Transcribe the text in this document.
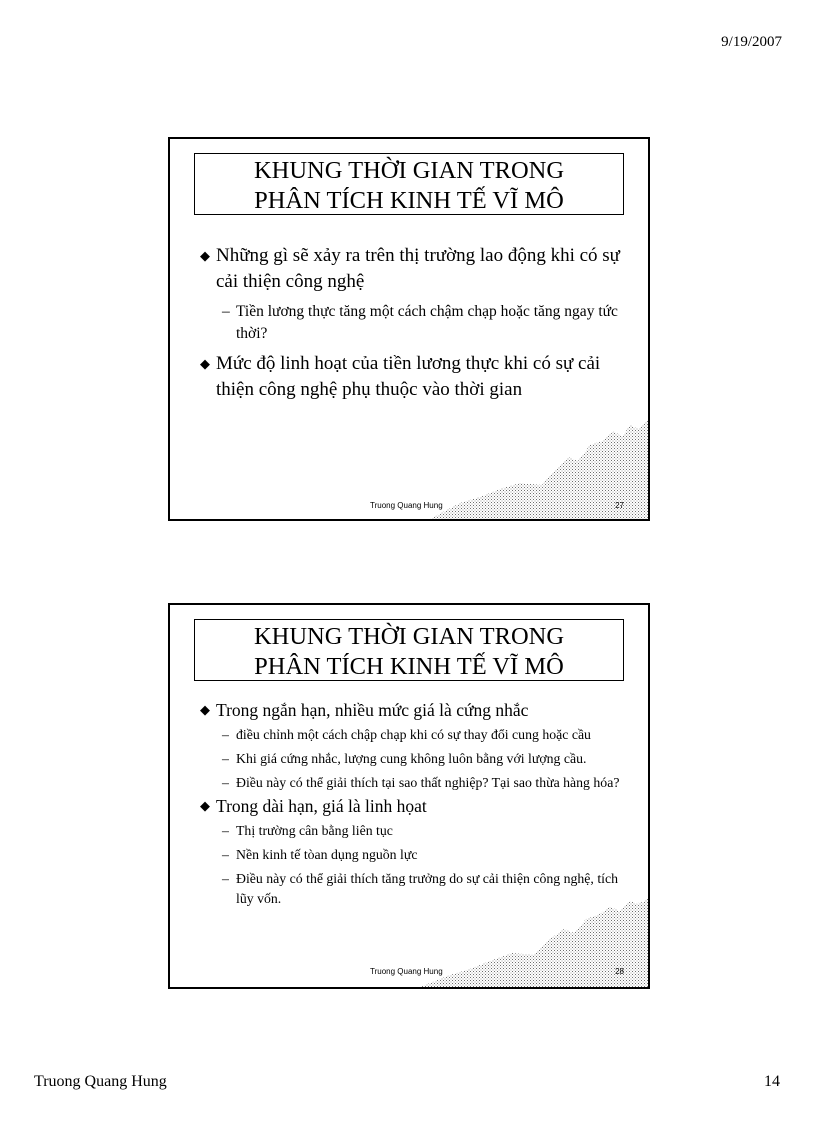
9/19/2007
KHUNG THỜI GIAN TRONG
PHÂN TÍCH KINH TẾ VĨ MÔ
◆ Những gì sẽ xảy ra trên thị trường lao động khi có sự cải thiện công nghệ
– Tiền lương thực tăng một cách chậm chạp hoặc tăng ngay tức thời?
◆ Mức độ linh hoạt của tiền lương thực khi có sự cải thiện công nghệ phụ thuộc vào thời gian
Truong Quang Hung	27
KHUNG THỜI GIAN TRONG
PHÂN TÍCH KINH TẾ VĨ MÔ
◆ Trong ngắn hạn, nhiều mức giá là cứng nhắc
– điều chỉnh một cách chập chạp khi có sự thay đổi cung hoặc cầu
– Khi giá cứng nhắc, lượng cung không luôn bằng với lượng cầu.
– Điều này có thể giải thích tại sao thất nghiệp? Tại sao thừa hàng hóa?
◆ Trong dài hạn, giá là linh họat
– Thị trường cân bằng liên tục
– Nền kinh tế tòan dụng nguồn lực
– Điều này có thể giải thích tăng trưởng do sự cải thiện công nghệ, tích lũy vốn.
Truong Quang Hung	28
Truong Quang Hung	14
